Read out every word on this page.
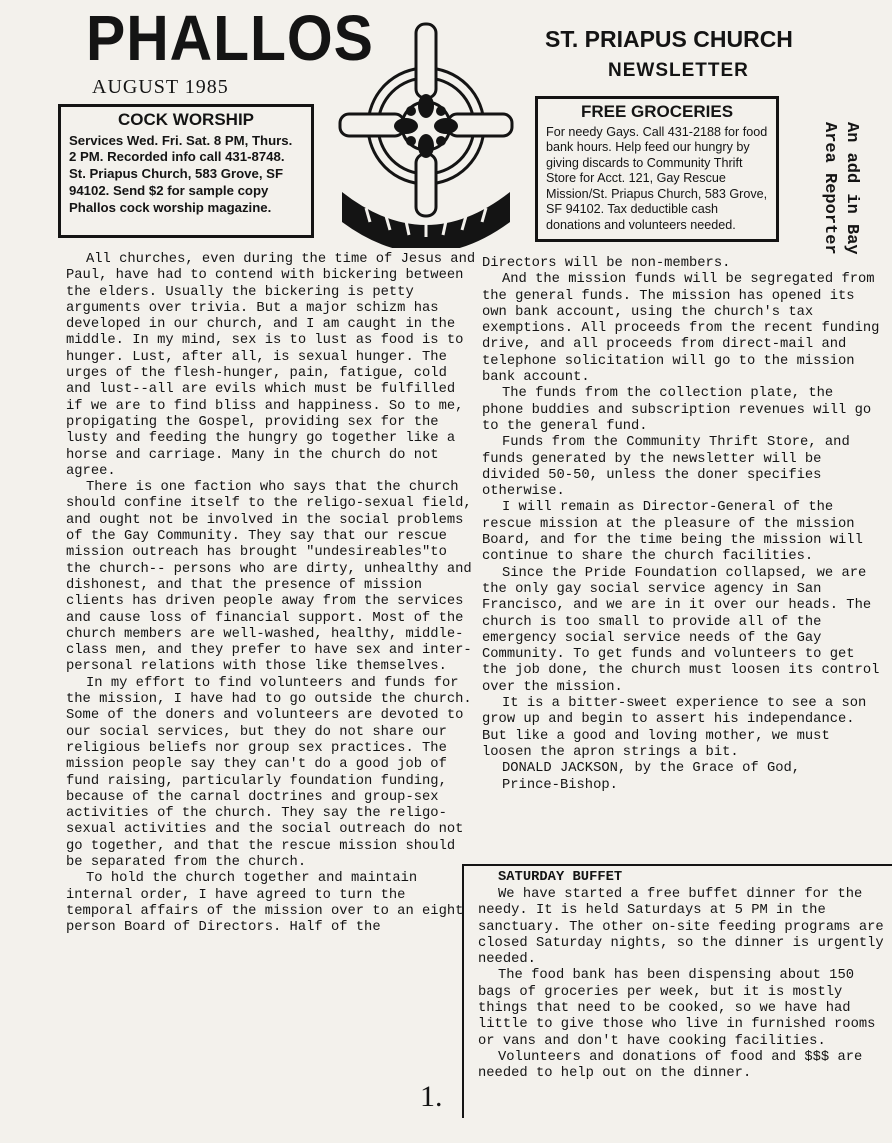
PHALLOS
AUGUST 1985
ST. PRIAPUS CHURCH
NEWSLETTER
COCK WORSHIP

Services Wed. Fri. Sat. 8 PM, Thurs. 2 PM. Recorded info call 431-8748. St. Priapus Church, 583 Grove, SF 94102. Send $2 for sample copy Phallos cock worship magazine.

FREE GROCERIES

For needy Gays. Call 431-2188 for food bank hours. Help feed our hungry by giving discards to Community Thrift Store for Acct. 121, Gay Rescue Mission/St. Priapus Church, 583 Grove, SF 94102. Tax deductible cash donations and volunteers needed.	An add in Bay Area Reporter

All churches, even during the time of Jesus and Paul, have had to contend with bickering between the elders. Usually the bickering is petty arguments over trivia. But a major schizm has developed in our church, and I am caught in the middle. In my mind, sex is to lust as food is to hunger. Lust, after all, is sexual hunger. The urges of the flesh-hunger, pain, fatigue, cold and lust--all are evils which must be fulfilled if we are to find bliss and happiness. So to me, propigating the Gospel, providing sex for the lusty and feeding the hungry go together like a horse and carriage. Many in the church do not agree.

There is one faction who says that the church should confine itself to the religo-sexual field, and ought not be involved in the social problems of the Gay Community. They say that our rescue mission outreach has brought "undesireables"to the church-- persons who are dirty, unhealthy and dishonest, and that the presence of mission clients has driven people away from the services and cause loss of financial support. Most of the church members are well-washed, healthy, middle-class men, and they prefer to have sex and inter-personal relations with those like themselves.

In my effort to find volunteers and funds for the mission, I have had to go outside the church. Some of the doners and volunteers are devoted to our social services, but they do not share our religious beliefs nor group sex practices. The mission people say they can't do a good job of fund raising, particularly foundation funding, because of the carnal doctrines and group-sex activities of the church. They say the religo-sexual activities and the social outreach do not go together, and that the rescue mission should be separated from the church.

To hold the church together and maintain internal order, I have agreed to turn the temporal affairs of the mission over to an eight person Board of Directors. Half of the

Directors will be non-members.

And the mission funds will be segregated from the general funds. The mission has opened its own bank account, using the church's tax exemptions. All proceeds from the recent funding drive, and all proceeds from direct-mail and telephone solicitation will go to the mission bank account.

The funds from the collection plate, the phone buddies and subscription revenues will go to the general fund.

Funds from the Community Thrift Store, and funds generated by the newsletter will be divided 50-50, unless the doner specifies otherwise.

I will remain as Director-General of the rescue mission at the pleasure of the mission Board, and for the time being the mission will continue to share the church facilities.

Since the Pride Foundation collapsed, we are the only gay social service agency in San Francisco, and we are in it over our heads. The church is too small to provide all of the emergency social service needs of the Gay Community. To get funds and volunteers to get the job done, the church must loosen its control over the mission.

It is a bitter-sweet experience to see a son grow up and begin to assert his independance. But like a good and loving mother, we must loosen the apron strings a bit.

DONALD JACKSON, by the Grace of God,

Prince-Bishop.

SATURDAY BUFFET

We have started a free buffet dinner for the needy. It is held Saturdays at 5 PM in the sanctuary. The other on-site feeding programs are closed Saturday nights, so the dinner is urgently needed.

The food bank has been dispensing about 150 bags of groceries per week, but it is mostly things that need to be cooked, so we have had little to give those who live in furnished rooms or vans and don't have cooking facilities.

Volunteers and donations of food and $$$ are needed to help out on the dinner.

1.
